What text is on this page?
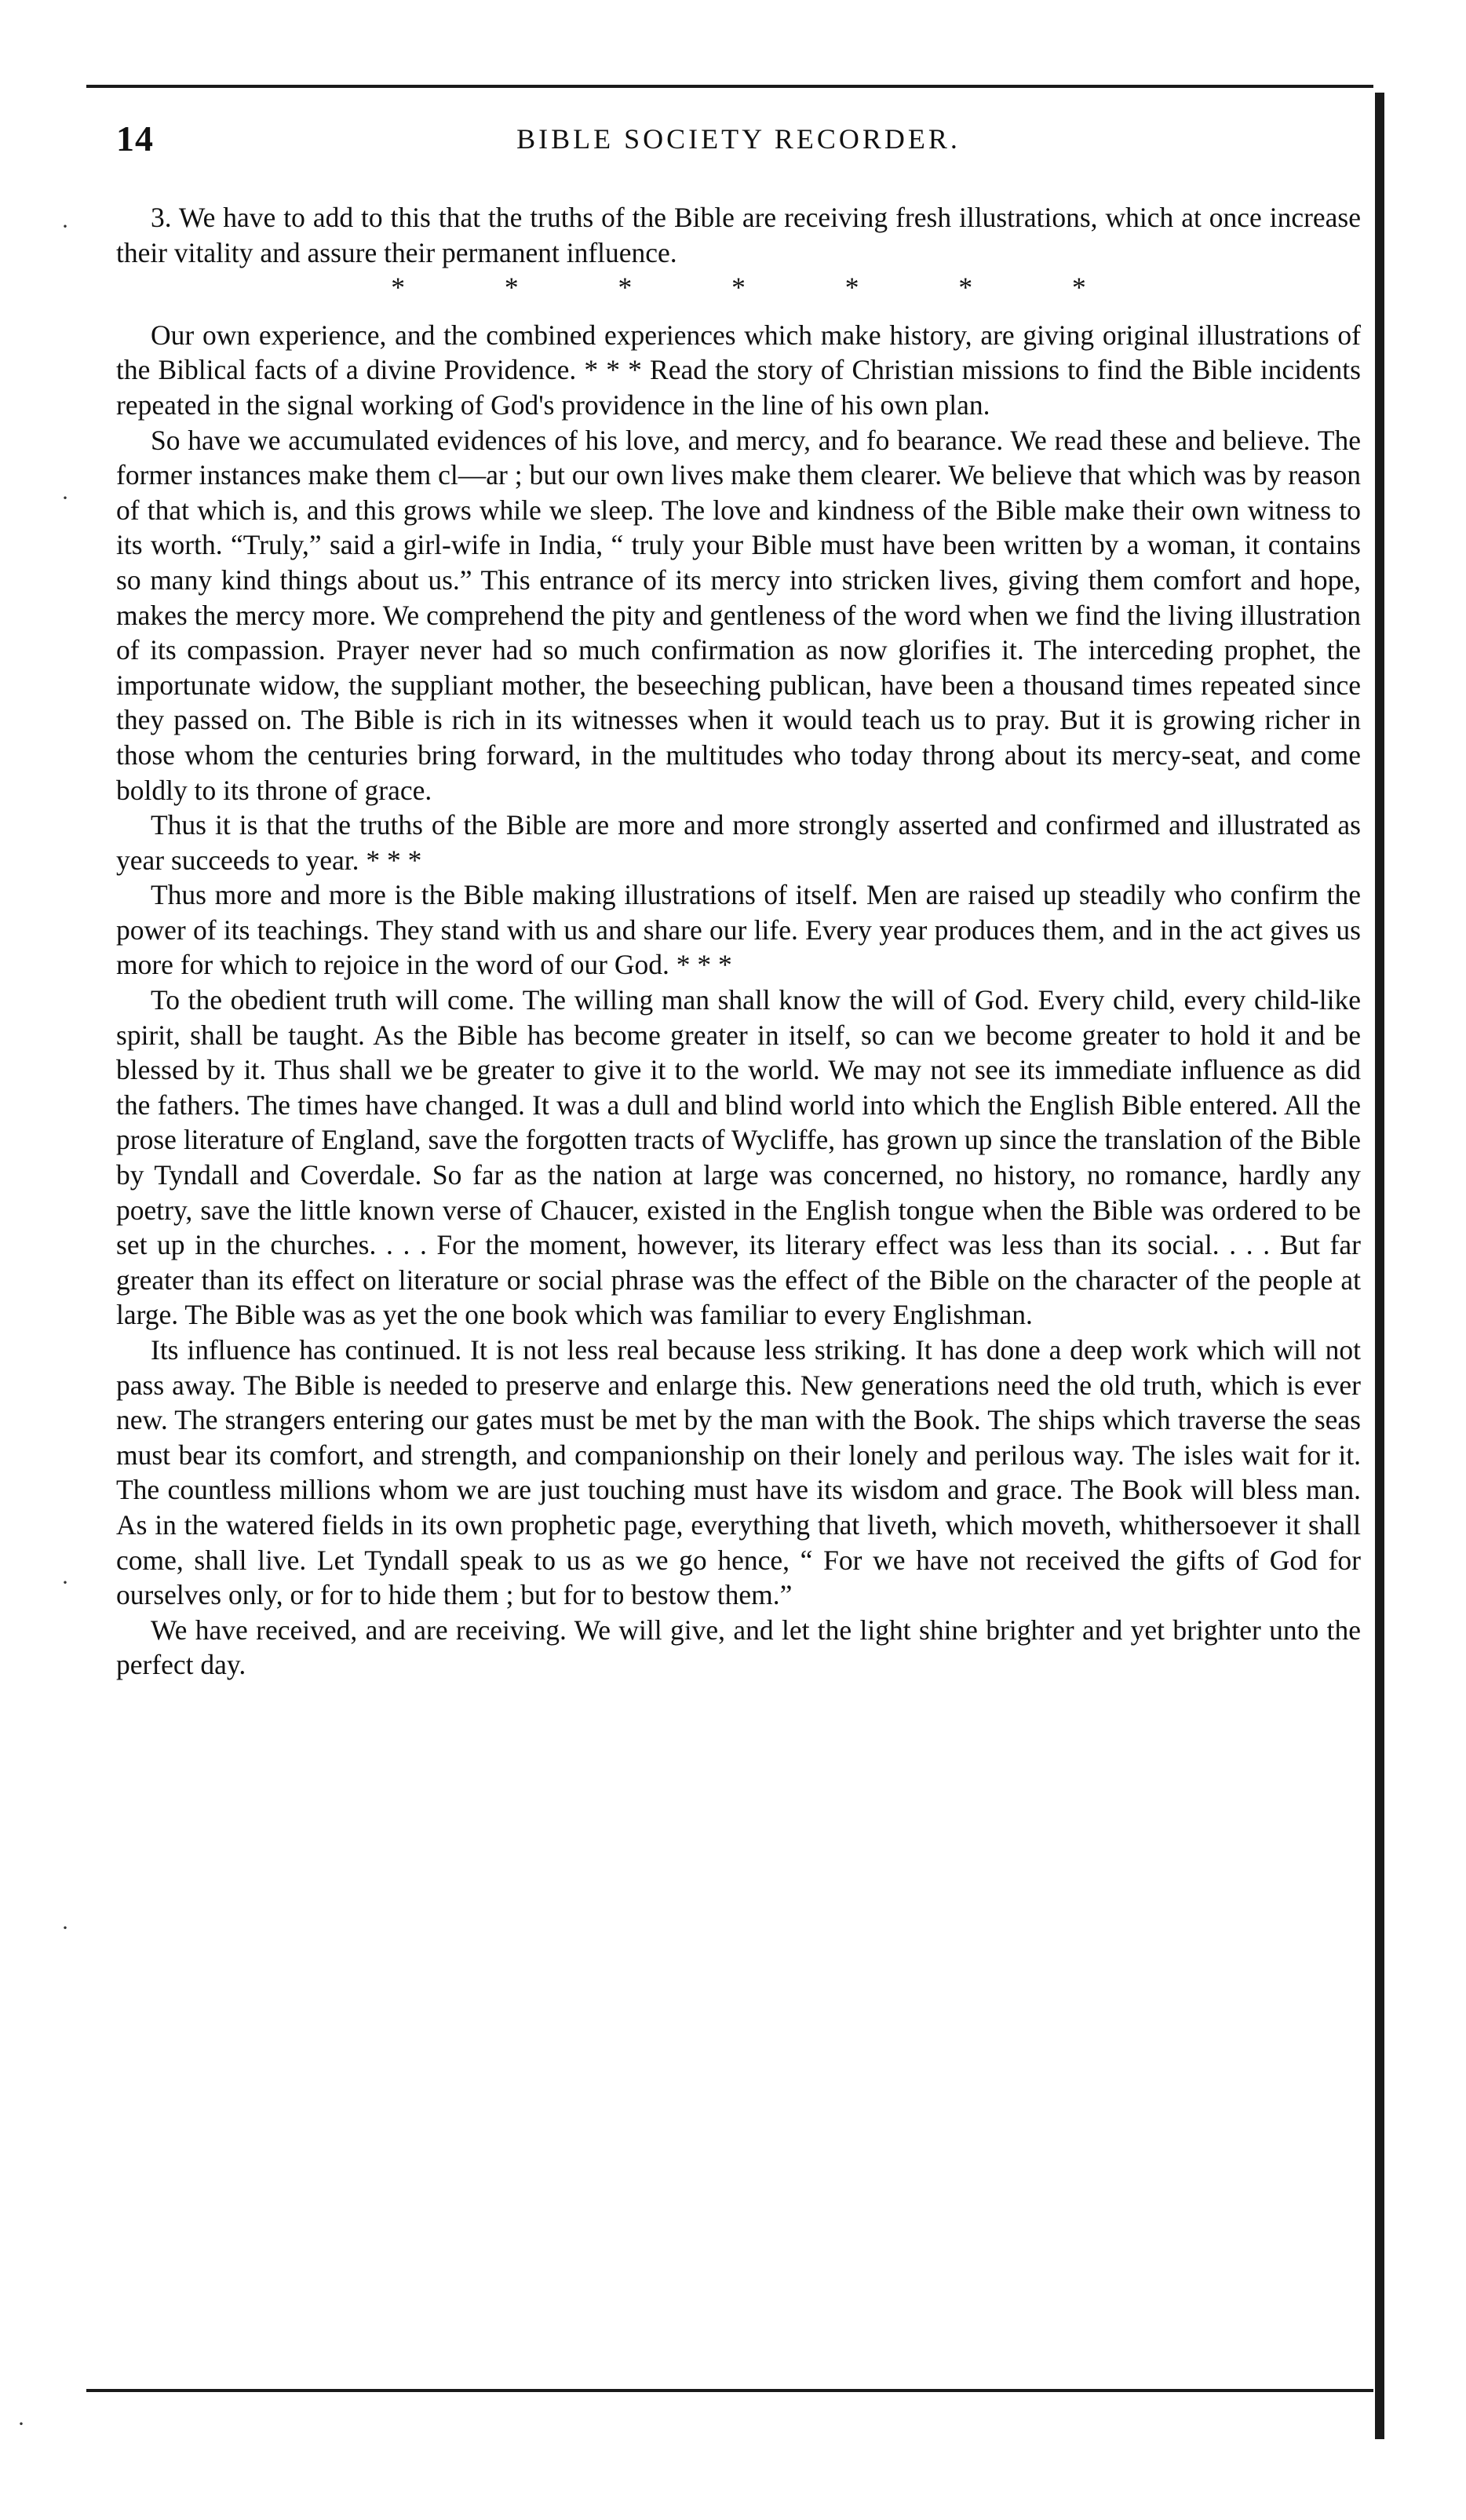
14	BIBLE SOCIETY RECORDER.

3. We have to add to this that the truths of the Bible are receiving fresh illustrations, which at once increase their vitality and assure their permanent influence.

* * * * * * *

Our own experience, and the combined experiences which make history, are giving original illustrations of the Biblical facts of a divine Providence. * * * Read the story of Christian missions to find the Bible incidents repeated in the signal working of God's providence in the line of his own plan.

So have we accumulated evidences of his love, and mercy, and fo bearance. We read these and believe. The former instances make them cl—ar ; but our own lives make them clearer. We believe that which was by reason of that which is, and this grows while we sleep. The love and kindness of the Bible make their own witness to its worth. “Truly,” said a girl-wife in India, “ truly your Bible must have been written by a woman, it contains so many kind things about us.” This entrance of its mercy into stricken lives, giving them comfort and hope, makes the mercy more. We comprehend the pity and gentleness of the word when we find the living illustration of its compassion. Prayer never had so much confirmation as now glorifies it. The interceding prophet, the importunate widow, the suppliant mother, the beseeching publican, have been a thousand times repeated since they passed on. The Bible is rich in its witnesses when it would teach us to pray. But it is growing richer in those whom the centuries bring forward, in the multitudes who today throng about its mercy-seat, and come boldly to its throne of grace.

Thus it is that the truths of the Bible are more and more strongly asserted and confirmed and illustrated as year succeeds to year. * * *

Thus more and more is the Bible making illustrations of itself. Men are raised up steadily who confirm the power of its teachings. They stand with us and share our life. Every year produces them, and in the act gives us more for which to rejoice in the word of our God. * * *

To the obedient truth will come. The willing man shall know the will of God. Every child, every child-like spirit, shall be taught. As the Bible has become greater in itself, so can we become greater to hold it and be blessed by it. Thus shall we be greater to give it to the world. We may not see its immediate influence as did the fathers. The times have changed. It was a dull and blind world into which the English Bible entered. All the prose literature of England, save the forgotten tracts of Wycliffe, has grown up since the translation of the Bible by Tyndall and Coverdale. So far as the nation at large was concerned, no history, no romance, hardly any poetry, save the little known verse of Chaucer, existed in the English tongue when the Bible was ordered to be set up in the churches. . . . For the moment, however, its literary effect was less than its social. . . . But far greater than its effect on literature or social phrase was the effect of the Bible on the character of the people at large. The Bible was as yet the one book which was familiar to every Englishman.

Its influence has continued. It is not less real because less striking. It has done a deep work which will not pass away. The Bible is needed to preserve and enlarge this. New generations need the old truth, which is ever new. The strangers entering our gates must be met by the man with the Book. The ships which traverse the seas must bear its comfort, and strength, and companionship on their lonely and perilous way. The isles wait for it. The countless millions whom we are just touching must have its wisdom and grace. The Book will bless man. As in the watered fields in its own prophetic page, everything that liveth, which moveth, whithersoever it shall come, shall live. Let Tyndall speak to us as we go hence, “ For we have not received the gifts of God for ourselves only, or for to hide them ; but for to bestow them.”

We have received, and are receiving. We will give, and let the light shine brighter and yet brighter unto the perfect day.

·
·
·
·
·
